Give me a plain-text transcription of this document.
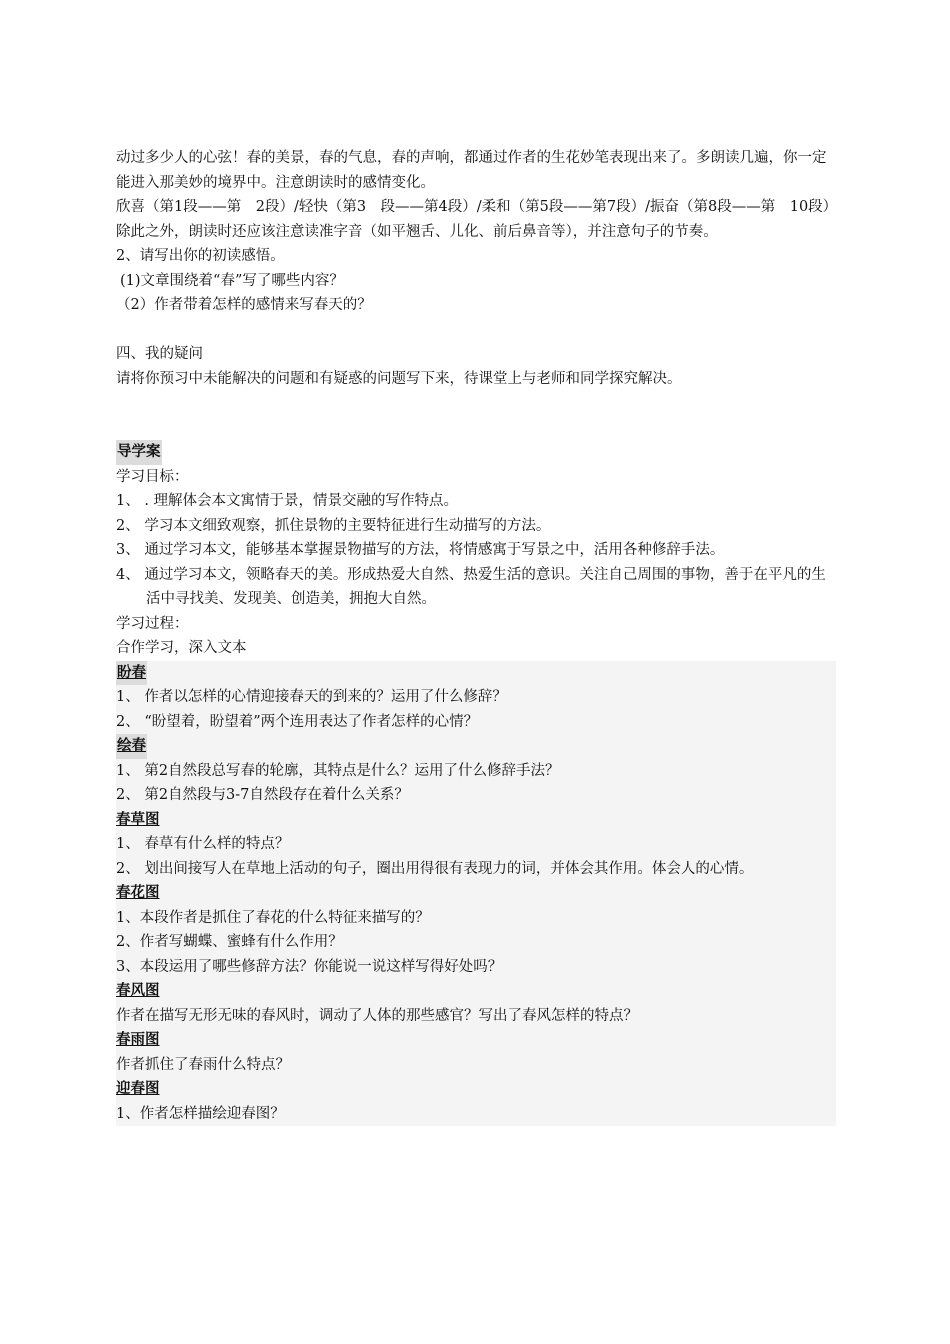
动过多少人的心弦！春的美景，春的气息，春的声响，都通过作者的生花妙笔表现出来了。多朗读几遍，你一定能进入那美妙的境界中。注意朗读时的感情变化。

欣喜（第1段——第　2段）/轻快（第3　段——第4段）/柔和（第5段——第7段）/振奋（第8段——第　10段）除此之外，朗读时还应该注意读准字音（如平翘舌、儿化、前后鼻音等），并注意句子的节奏。

2、请写出你的初读感悟。

(1)文章围绕着“春”写了哪些内容？

（2）作者带着怎样的感情来写春天的？

四、我的疑问

请将你预习中未能解决的问题和有疑惑的问题写下来，待课堂上与老师和同学探究解决。

导学案

学习目标：

1、 . 理解体会本文寓情于景，情景交融的写作特点。

2、 学习本文细致观察，抓住景物的主要特征进行生动描写的方法。

3、 通过学习本文，能够基本掌握景物描写的方法，将情感寓于写景之中，活用各种修辞手法。

4、 通过学习本文，领略春天的美。形成热爱大自然、热爱生活的意识。关注自己周围的事物，善于在平凡的生活中寻找美、发现美、创造美，拥抱大自然。

学习过程：

合作学习，深入文本

盼春

1、 作者以怎样的心情迎接春天的到来的？运用了什么修辞？

2、 “盼望着，盼望着”两个连用表达了作者怎样的心情？

绘春

1、 第2自然段总写春的轮廓，其特点是什么？运用了什么修辞手法？

2、 第2自然段与3-7自然段存在着什么关系？

春草图

1、 春草有什么样的特点？

2、 划出间接写人在草地上活动的句子，圈出用得很有表现力的词，并体会其作用。体会人的心情。

春花图

1、本段作者是抓住了春花的什么特征来描写的？

2、作者写蝴蝶、蜜蜂有什么作用？

3、本段运用了哪些修辞方法？你能说一说这样写得好处吗？

春风图

作者在描写无形无味的春风时，调动了人体的那些感官？写出了春风怎样的特点？

春雨图

作者抓住了春雨什么特点？

迎春图

1、作者怎样描绘迎春图？
